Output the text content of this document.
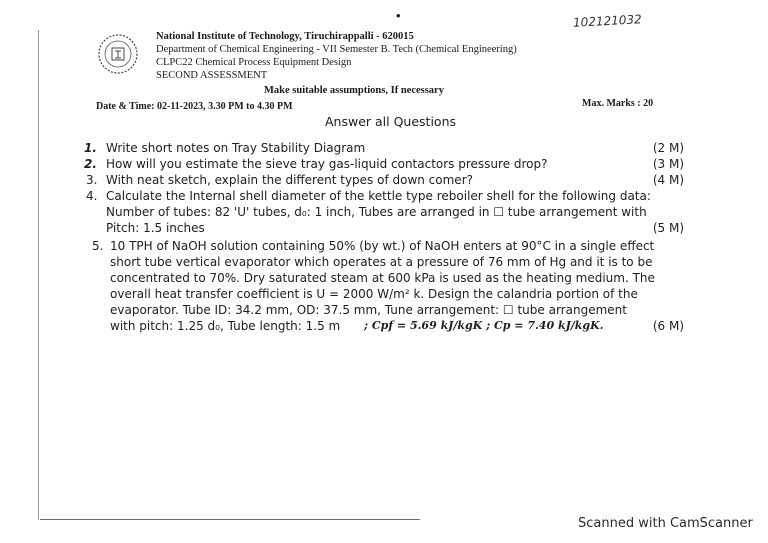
•	102121032
National Institute of Technology, Tiruchirappalli - 620015
Department of Chemical Engineering - VII Semester B. Tech (Chemical Engineering)
CLPC22 Chemical Process Equipment Design
SECOND ASSESSMENT
Make suitable assumptions, If necessary
Date & Time: 02-11-2023, 3.30 PM to 4.30 PM	Max. Marks : 20
Answer all Questions
1. Write short notes on Tray Stability Diagram	(2 M)
2. How will you estimate the sieve tray gas-liquid contactors pressure drop?	(3 M)
3. With neat sketch, explain the different types of down comer?	(4 M)
4. Calculate the Internal shell diameter of the kettle type reboiler shell for the following data:
Number of tubes: 82 'U' tubes, d₀: 1 inch, Tubes are arranged in ☐ tube arrangement with
Pitch: 1.5 inches	(5 M)
5. 10 TPH of NaOH solution containing 50% (by wt.) of NaOH enters at 90°C in a single effect
short tube vertical evaporator which operates at a pressure of 76 mm of Hg and it is to be
concentrated to 70%. Dry saturated steam at 600 kPa is used as the heating medium. The
overall heat transfer coefficient is U = 2000 W/m² k. Design the calandria portion of the
evaporator. Tube ID: 34.2 mm, OD: 37.5 mm, Tune arrangement: ☐ tube arrangement
with pitch: 1.25 d₀, Tube length: 1.5 m ; Cpf = 5.69 kJ/kgK ; Cp = 7.40 kJ/kgK.	(6 M)
Scanned with CamScanner
